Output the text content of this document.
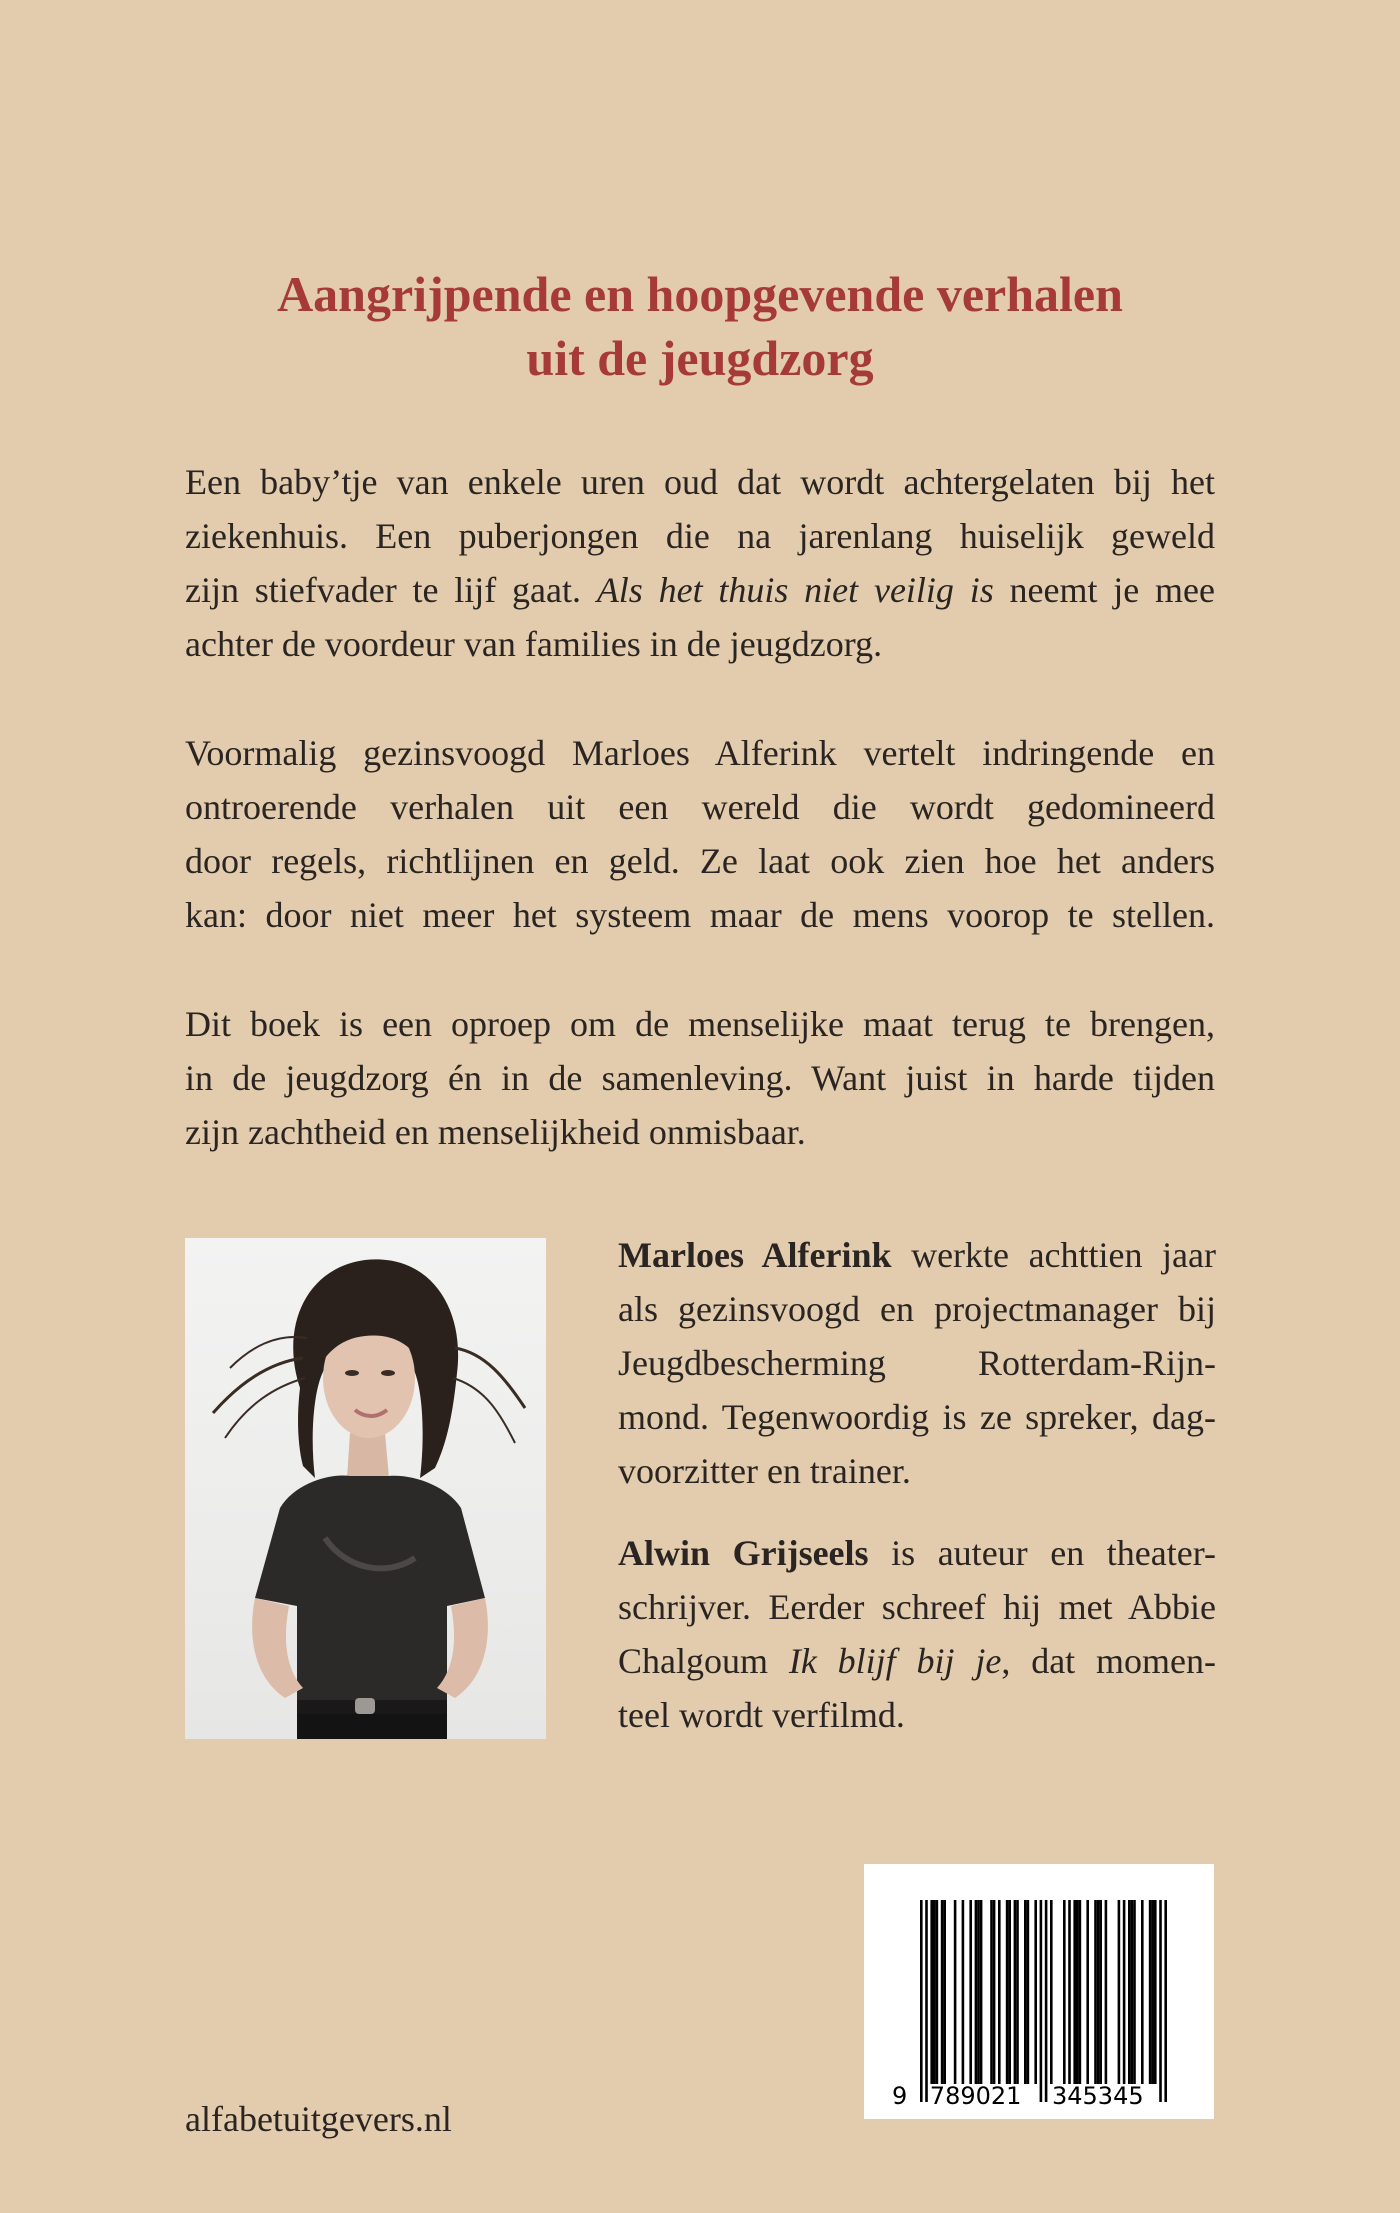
Aangrijpende en hoopgevende verhalen
uit de jeugdzorg

Een baby’tje van enkele uren oud dat wordt achtergelaten bij het
ziekenhuis. Een puberjongen die na jarenlang huiselijk geweld
zijn stiefvader te lijf gaat. Als het thuis niet veilig is neemt je mee
achter de voordeur van families in de jeugdzorg.

Voormalig gezinsvoogd Marloes Alferink vertelt indringende en
ontroerende verhalen uit een wereld die wordt gedomineerd
door regels, richtlijnen en geld. Ze laat ook zien hoe het anders
kan: door niet meer het systeem maar de mens voorop te stellen.

Dit boek is een oproep om de menselijke maat terug te brengen,
in de jeugdzorg én in de samenleving. Want juist in harde tijden
zijn zachtheid en menselijkheid onmisbaar.

Marloes Alferink werkte achttien jaar
als gezinsvoogd en projectmanager bij
Jeugdbescherming Rotterdam-Rijn-
mond. Tegenwoordig is ze spreker, dag-
voorzitter en trainer.

Alwin Grijseels is auteur en theater-
schrijver. Eerder schreef hij met Abbie
Chalgoum Ik blijf bij je, dat momen-
teel wordt verfilmd.

9 789021 345345
alfabetuitgevers.nl
